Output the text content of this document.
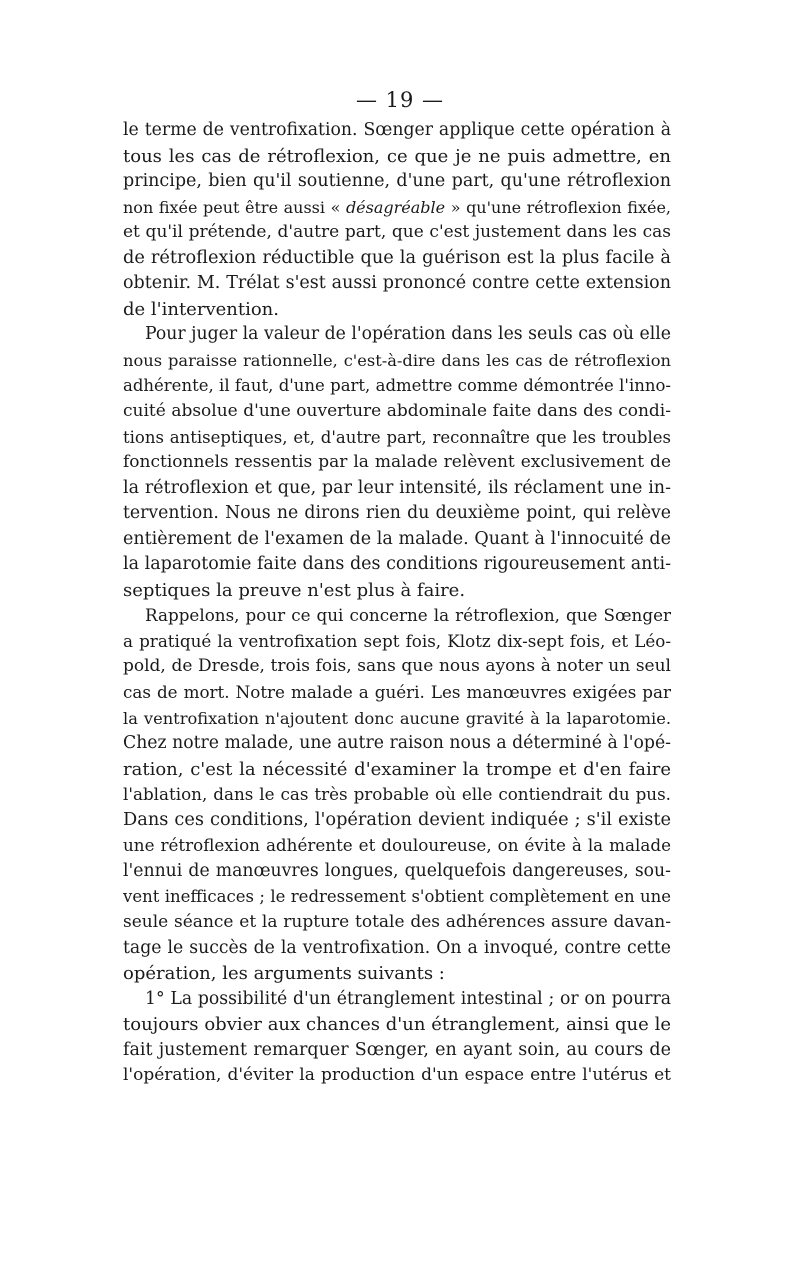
— 19 —
le terme de ventrofixation. Sœnger applique cette opération à
tous les cas de rétroflexion, ce que je ne puis admettre, en
principe, bien qu'il soutienne, d'une part, qu'une rétroflexion
non fixée peut être aussi « désagréable » qu'une rétroflexion fixée,
et qu'il prétende, d'autre part, que c'est justement dans les cas
de rétroflexion réductible que la guérison est la plus facile à
obtenir. M. Trélat s'est aussi prononcé contre cette extension
de l'intervention.
Pour juger la valeur de l'opération dans les seuls cas où elle
nous paraisse rationnelle, c'est-à-dire dans les cas de rétroflexion
adhérente, il faut, d'une part, admettre comme démontrée l'inno-
cuité absolue d'une ouverture abdominale faite dans des condi-
tions antiseptiques, et, d'autre part, reconnaître que les troubles
fonctionnels ressentis par la malade relèvent exclusivement de
la rétroflexion et que, par leur intensité, ils réclament une in-
tervention. Nous ne dirons rien du deuxième point, qui relève
entièrement de l'examen de la malade. Quant à l'innocuité de
la laparotomie faite dans des conditions rigoureusement anti-
septiques la preuve n'est plus à faire.
Rappelons, pour ce qui concerne la rétroflexion, que Sœnger
a pratiqué la ventrofixation sept fois, Klotz dix-sept fois, et Léo-
pold, de Dresde, trois fois, sans que nous ayons à noter un seul
cas de mort. Notre malade a guéri. Les manœuvres exigées par
la ventrofixation n'ajoutent donc aucune gravité à la laparotomie.
Chez notre malade, une autre raison nous a déterminé à l'opé-
ration, c'est la nécessité d'examiner la trompe et d'en faire
l'ablation, dans le cas très probable où elle contiendrait du pus.
Dans ces conditions, l'opération devient indiquée ; s'il existe
une rétroflexion adhérente et douloureuse, on évite à la malade
l'ennui de manœuvres longues, quelquefois dangereuses, sou-
vent inefficaces ; le redressement s'obtient complètement en une
seule séance et la rupture totale des adhérences assure davan-
tage le succès de la ventrofixation. On a invoqué, contre cette
opération, les arguments suivants :
1° La possibilité d'un étranglement intestinal ; or on pourra
toujours obvier aux chances d'un étranglement, ainsi que le
fait justement remarquer Sœnger, en ayant soin, au cours de
l'opération, d'éviter la production d'un espace entre l'utérus et
